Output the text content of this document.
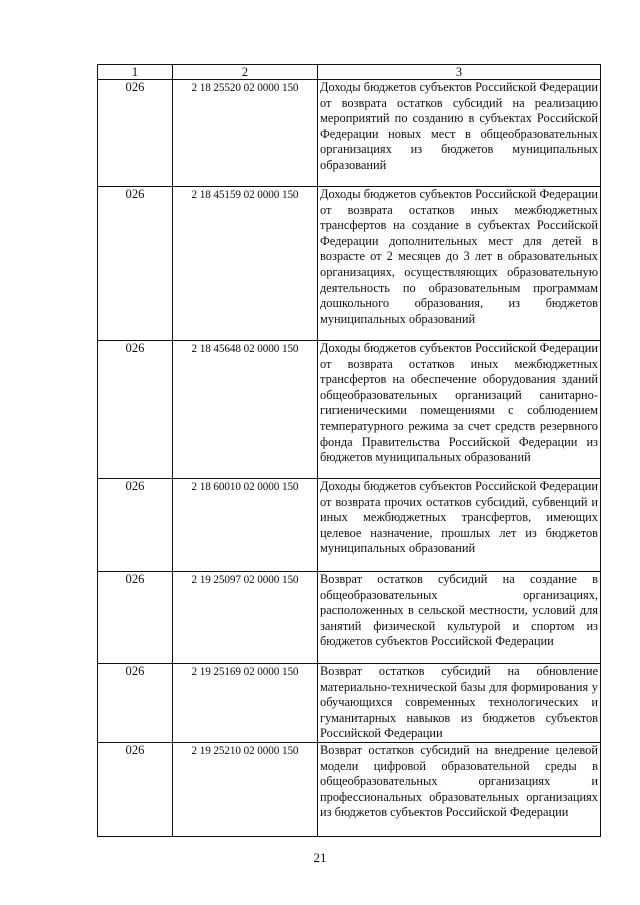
1	2	3
026	2 18 25520 02 0000 150	Доходы бюджетов субъектов Российской Федерации от возврата остатков субсидий на реализацию мероприятий по созданию в субъектах Российской Федерации новых мест в общеобразовательных организациях из бюджетов муниципальных образований
026	2 18 45159 02 0000 150	Доходы бюджетов субъектов Российской Федерации от возврата остатков иных межбюджетных трансфертов на создание в субъектах Российской Федерации дополнительных мест для детей в возрасте от 2 месяцев до 3 лет в образовательных организациях, осуществляющих образовательную деятельность по образовательным программам дошкольного образования, из бюджетов муниципальных образований
026	2 18 45648 02 0000 150	Доходы бюджетов субъектов Российской Федерации от возврата остатков иных межбюджетных трансфертов на обеспечение оборудования зданий общеобразовательных организаций санитарно-гигиеническими помещениями с соблюдением температурного режима за счет средств резервного фонда Правительства Российской Федерации из бюджетов муниципальных образований
026	2 18 60010 02 0000 150	Доходы бюджетов субъектов Российской Федерации от возврата прочих остатков субсидий, субвенций и иных межбюджетных трансфертов, имеющих целевое назначение, прошлых лет из бюджетов муниципальных образований
026	2 19 25097 02 0000 150	Возврат остатков субсидий на создание в общеобразовательных организациях, расположенных в сельской местности, условий для занятий физической культурой и спортом из бюджетов субъектов Российской Федерации
026	2 19 25169 02 0000 150	Возврат остатков субсидий на обновление материально-технической базы для формирования у обучающихся современных технологических и гуманитарных навыков из бюджетов субъектов Российской Федерации
026	2 19 25210 02 0000 150	Возврат остатков субсидий на внедрение целевой модели цифровой образовательной среды в общеобразовательных организациях и профессиональных образовательных организациях из бюджетов субъектов Российской Федерации
21
